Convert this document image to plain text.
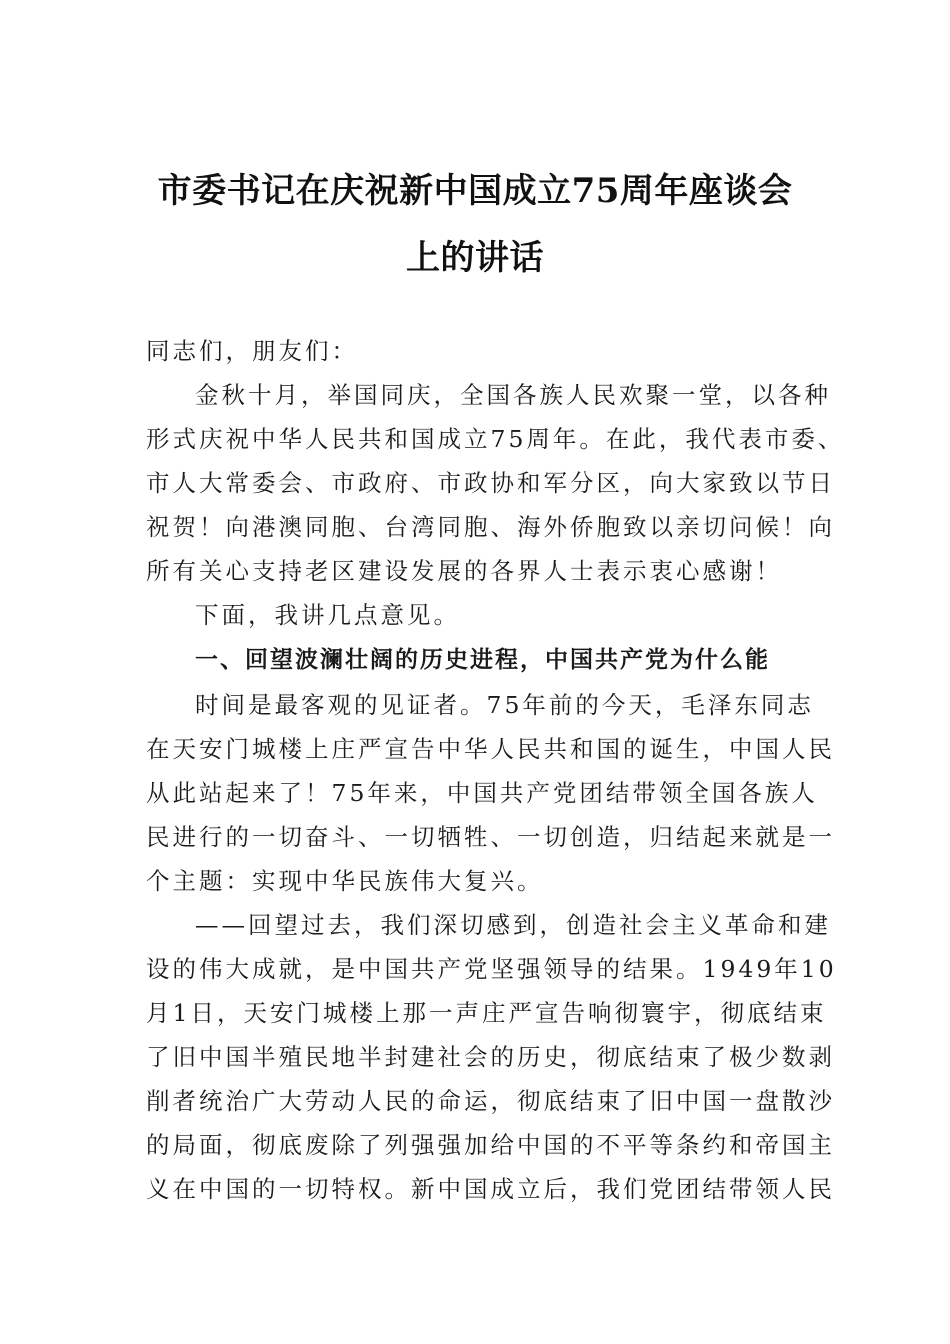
市委书记在庆祝新中国成立75周年座谈会
上的讲话
同志们，朋友们：
金秋十月，举国同庆，全国各族人民欢聚一堂，以各种
形式庆祝中华人民共和国成立75周年。在此，我代表市委、
市人大常委会、市政府、市政协和军分区，向大家致以节日
祝贺！向港澳同胞、台湾同胞、海外侨胞致以亲切问候！向
所有关心支持老区建设发展的各界人士表示衷心感谢！
下面，我讲几点意见。
一、回望波澜壮阔的历史进程，中国共产党为什么能
时间是最客观的见证者。75年前的今天，毛泽东同志
在天安门城楼上庄严宣告中华人民共和国的诞生，中国人民
从此站起来了！75年来，中国共产党团结带领全国各族人
民进行的一切奋斗、一切牺牲、一切创造，归结起来就是一
个主题：实现中华民族伟大复兴。
——回望过去，我们深切感到，创造社会主义革命和建
设的伟大成就，是中国共产党坚强领导的结果。1949年10
月1日，天安门城楼上那一声庄严宣告响彻寰宇，彻底结束
了旧中国半殖民地半封建社会的历史，彻底结束了极少数剥
削者统治广大劳动人民的命运，彻底结束了旧中国一盘散沙
的局面，彻底废除了列强强加给中国的不平等条约和帝国主
义在中国的一切特权。新中国成立后，我们党团结带领人民
